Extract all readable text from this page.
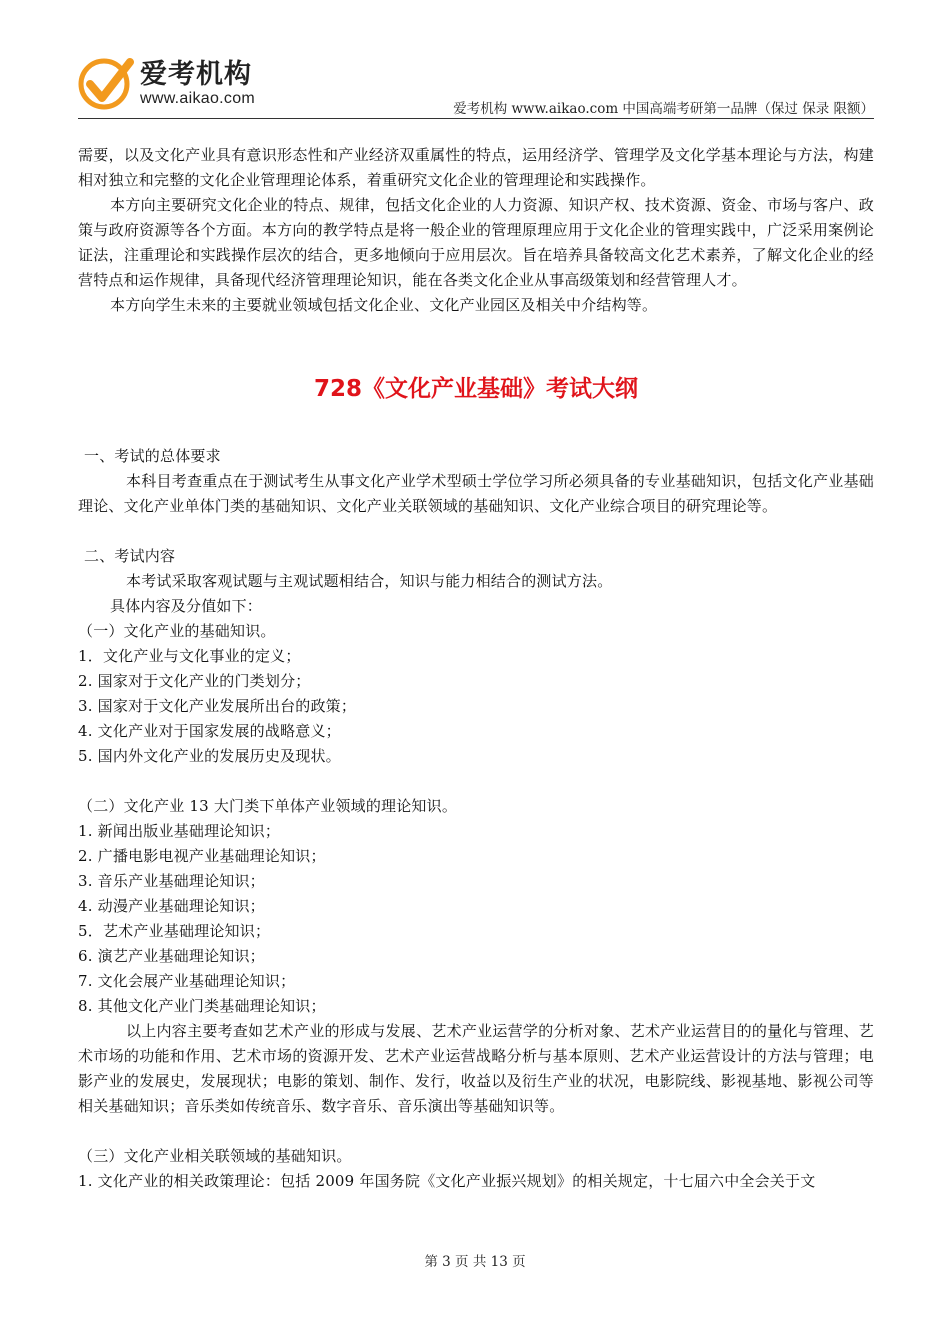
爱考机构
www.aikao.com
爱考机构 www.aikao.com 中国高端考研第一品牌（保过 保录 限额）

需要，以及文化产业具有意识形态性和产业经济双重属性的特点，运用经济学、管理学及文化学基本理论与方法，构建相对独立和完整的文化企业管理理论体系，着重研究文化企业的管理理论和实践操作。

本方向主要研究文化企业的特点、规律，包括文化企业的人力资源、知识产权、技术资源、资金、市场与客户、政策与政府资源等各个方面。本方向的教学特点是将一般企业的管理原理应用于文化企业的管理实践中，广泛采用案例论证法，注重理论和实践操作层次的结合，更多地倾向于应用层次。旨在培养具备较高文化艺术素养，了解文化企业的经营特点和运作规律，具备现代经济管理理论知识，能在各类文化企业从事高级策划和经营管理人才。

本方向学生未来的主要就业领域包括文化企业、文化产业园区及相关中介结构等。

728《文化产业基础》考试大纲

一、考试的总体要求

本科目考查重点在于测试考生从事文化产业学术型硕士学位学习所必须具备的专业基础知识，包括文化产业基础理论、文化产业单体门类的基础知识、文化产业关联领域的基础知识、文化产业综合项目的研究理论等。

二、考试内容

本考试采取客观试题与主观试题相结合，知识与能力相结合的测试方法。

具体内容及分值如下：

（一）文化产业的基础知识。

1．文化产业与文化事业的定义；

2. 国家对于文化产业的门类划分；

3. 国家对于文化产业发展所出台的政策；

4. 文化产业对于国家发展的战略意义；

5. 国内外文化产业的发展历史及现状。

（二）文化产业 13 大门类下单体产业领域的理论知识。

1. 新闻出版业基础理论知识；

2. 广播电影电视产业基础理论知识；

3. 音乐产业基础理论知识；

4. 动漫产业基础理论知识；

5．艺术产业基础理论知识；

6. 演艺产业基础理论知识；

7. 文化会展产业基础理论知识；

8. 其他文化产业门类基础理论知识；

以上内容主要考查如艺术产业的形成与发展、艺术产业运营学的分析对象、艺术产业运营目的的量化与管理、艺术市场的功能和作用、艺术市场的资源开发、艺术产业运营战略分析与基本原则、艺术产业运营设计的方法与管理；电影产业的发展史，发展现状；电影的策划、制作、发行，收益以及衍生产业的状况，电影院线、影视基地、影视公司等相关基础知识；音乐类如传统音乐、数字音乐、音乐演出等基础知识等。

（三）文化产业相关联领域的基础知识。

1. 文化产业的相关政策理论：包括 2009 年国务院《文化产业振兴规划》的相关规定，十七届六中全会关于文

第 3 页 共 13 页
